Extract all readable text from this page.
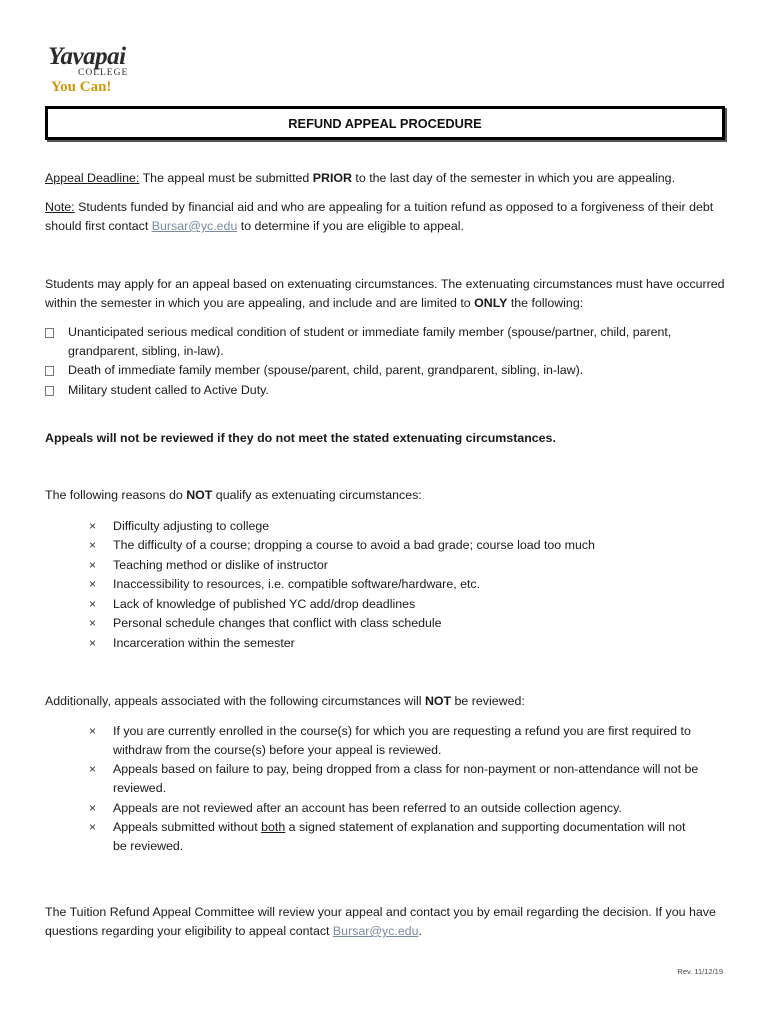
Yavapai
COLLEGE
You Can!
REFUND APPEAL PROCEDURE
Appeal Deadline: The appeal must be submitted PRIOR to the last day of the semester in which you are appealing.
Note: Students funded by financial aid and who are appealing for a tuition refund as opposed to a forgiveness of their debt should first contact Bursar@yc.edu to determine if you are eligible to appeal.
Students may apply for an appeal based on extenuating circumstances. The extenuating circumstances must have occurred within the semester in which you are appealing, and include and are limited to ONLY the following:
Unanticipated serious medical condition of student or immediate family member (spouse/partner, child, parent,
grandparent, sibling, in-law).
Death of immediate family member (spouse/parent, child, parent, grandparent, sibling, in-law).
Military student called to Active Duty.
Appeals will not be reviewed if they do not meet the stated extenuating circumstances.
The following reasons do NOT qualify as extenuating circumstances:
× Difficulty adjusting to college
× The difficulty of a course; dropping a course to avoid a bad grade; course load too much
× Teaching method or dislike of instructor
× Inaccessibility to resources, i.e. compatible software/hardware, etc.
× Lack of knowledge of published YC add/drop deadlines
× Personal schedule changes that conflict with class schedule
× Incarceration within the semester
Additionally, appeals associated with the following circumstances will NOT be reviewed:
× If you are currently enrolled in the course(s) for which you are requesting a refund you are first required to
withdraw from the course(s) before your appeal is reviewed.
× Appeals based on failure to pay, being dropped from a class for non-payment or non-attendance will not be
reviewed.
× Appeals are not reviewed after an account has been referred to an outside collection agency.
× Appeals submitted without both a signed statement of explanation and supporting documentation will not
be reviewed.
The Tuition Refund Appeal Committee will review your appeal and contact you by email regarding the decision. If you have questions regarding your eligibility to appeal contact Bursar@yc.edu.
Rev. 11/12/19
